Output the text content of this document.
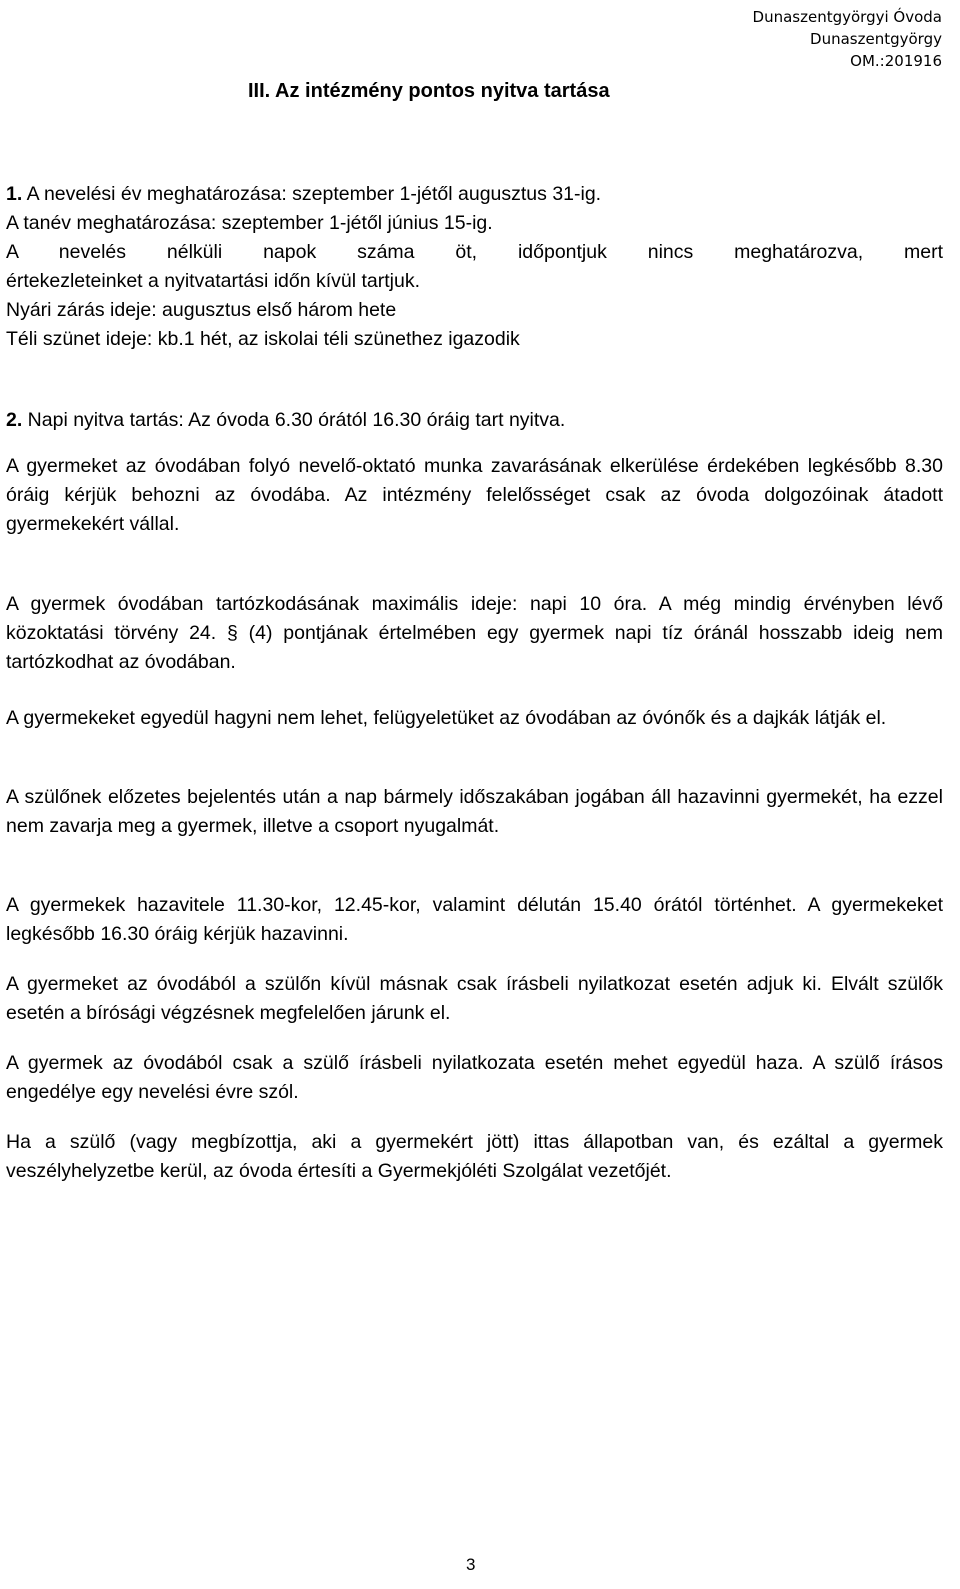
Dunaszentgyörgyi Óvoda
Dunaszentgyörgy
OM.:201916
III. Az intézmény pontos nyitva tartása
1. A nevelési év meghatározása: szeptember 1-jétől augusztus 31-ig.
A tanév meghatározása: szeptember 1-jétől június 15-ig.
A nevelés nélküli napok száma öt, időpontjuk nincs meghatározva, mert
értekezleteinket a nyitvatartási időn kívül tartjuk.
Nyári zárás ideje: augusztus első három hete
Téli szünet ideje: kb.1 hét, az iskolai téli szünethez igazodik
2. Napi nyitva tartás: Az óvoda 6.30 órától 16.30 óráig tart nyitva.
A gyermeket az óvodában folyó nevelő-oktató munka zavarásának elkerülése érdekében legkésőbb 8.30 óráig kérjük behozni az óvodába. Az intézmény felelősséget csak az óvoda dolgozóinak átadott gyermekekért vállal.
A gyermek óvodában tartózkodásának maximális ideje: napi 10 óra. A még mindig érvényben lévő közoktatási törvény 24. § (4) pontjának értelmében egy gyermek napi tíz óránál hosszabb ideig nem tartózkodhat az óvodában.
A gyermekeket egyedül hagyni nem lehet, felügyeletüket az óvodában az óvónők és a dajkák látják el.
A szülőnek előzetes bejelentés után a nap bármely időszakában jogában áll hazavinni gyermekét, ha ezzel nem zavarja meg a gyermek, illetve a csoport nyugalmát.
A gyermekek hazavitele 11.30-kor, 12.45-kor, valamint délután 15.40 órától történhet. A gyermekeket legkésőbb 16.30 óráig kérjük hazavinni.
A gyermeket az óvodából a szülőn kívül másnak csak írásbeli nyilatkozat esetén adjuk ki. Elvált szülők esetén a bírósági végzésnek megfelelően járunk el.
A gyermek az óvodából csak a szülő írásbeli nyilatkozata esetén mehet egyedül haza. A szülő írásos engedélye egy nevelési évre szól.
Ha a szülő (vagy megbízottja, aki a gyermekért jött) ittas állapotban van, és ezáltal a gyermek veszélyhelyzetbe kerül, az óvoda értesíti a Gyermekjóléti Szolgálat vezetőjét.
3
